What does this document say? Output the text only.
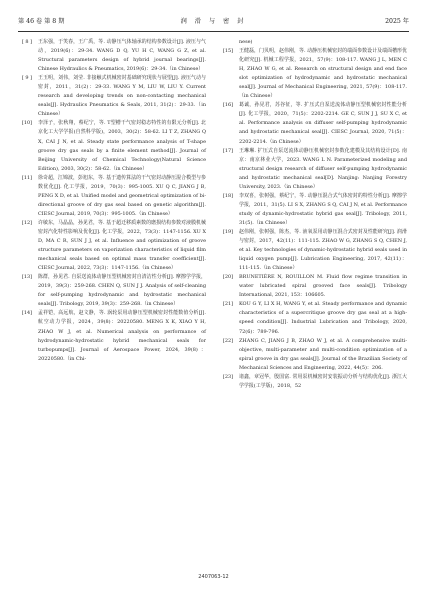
第 46 卷 第 8 期	润 滑 与 密 封	2025 年
[ 8 ]	王东强，于笑春，王广禹，等. 动静压气体轴承的结构参数设计[J]. 液压与气动，2019(6)：29-34. WANG D Q, YU H C, WANG G Z, et al. Structural parameters design of hybrid journal bearings[J]. Chinese Hydraulics & Pneumatics, 2019(6)：29-34.（in Chinese）
[ 9 ]	王玉明，刘伟，刘莹. 非接触式机械密封基础研究现状与展望[J]. 液压气动与密封，2011，31(2)：29-33. WANG Y M, LIU W, LIU Y. Current research and developing trends on non-contacting mechanical seals[J]. Hydraulics Pneumatics & Seals, 2011, 31(2)：29-33.（in Chinese）
[10]	李泽子，张秋翔，蔡纪宁，等. T型槽干气密封稳态特性的有限元分析[J]. 北京化工大学学报(自然科学版)，2003，30(2)：58-62. LI T Z, ZHANG Q X, CAI J N, et al. Steady state performance analysis of T-shape groove dry gas seals by a finite element method[J]. Journal of Beijing University of Chemical Technology(Natural Science Edition), 2003, 30(2)：58-62.（in Chinese）
[11]	徐奇超，江锦波，彭旭东，等. 基于遗传算法的干气密封动静压混合模型与参数优化[J]. 化工学报，2019，70(3)：995-1005. XU Q C, JIANG J B, PENG X D, et al. Unified model and geometrical optimization of bi-directional groove of dry gas seal based on genetic algorithm[J]. CIESC Journal, 2019, 70(3)：995-1005.（in Chinese）
[12]	许敏东，马晶晶，孙见君，等. 基于超迁移质素数的磨损结构参数对液膜机械密封汽化特性影响及优化[J]. 化工学报，2022，73(3)：1147-1156. XU X D, MA C R, SUN J J, et al. Influence and optimization of groove structure parameters on vaporization characteristics of liquid film mechanical seals based on optimal mass transfer coefficient[J]. CIESC Journal, 2022, 73(3)：1147-1156.（in Chinese）
[13]	陈群，孙见君. 自泵送流体动静压型机械密封自清洁性分析[J]. 摩擦学学报，2019，39(3)：259-268. CHEN Q, SUN J J. Analysis of self-cleaning for self-pumping hydrodynamic and hydrostatic mechanical seals[J]. Tribology, 2019, 39(3)：259-268.（in Chinese）
[14]	孟祥铠，高远航，赵文静，等. 涡轮泵用动静压型机械密封性能数值分析[J]. 航空动力学报，2024，39(8)：20220580. MENG X K, XIAO Y H, ZHAO W J, et al. Numerical analysis on performance of hydrodynamic-hydrostatic hybrid mechanical seals for turbopumps[J]. Journal of Aerospace Power, 2024, 39(8)：20220580.（in Chi-
nese)
[15]	王健磊，门贝明，赵伟刚，等. 动静压机械密封的端面参数设计及端面槽形优化研究[J]. 机械工程学报，2021，57(9)：108-117. WANG J L, MEN C H, ZHAO W G, et al. Research on structural design and end face slot optimization of hydrodynamic and hydrostatic mechanical seal[J]. Journal of Mechanical Engineering, 2021, 57(9)：108-117.（in Chinese）
[16]	葛诚，孙见君，苏谷征，等. 扩压式自泵送流体动静压型机械密封性能分析[J]. 化工学报，2020，71(5)：2202-2214. GE C, SUN J J, SU X C, et al. Performance analysis on diffuser self-pumping hydrodynamic and hydrostatic mechanical seal[J]. CIESC Journal, 2020, 71(5)：2202-2214.（in Chinese）
[17]	王琳琳. 扩压式自泵送流体动静压机械密封参数化建模及其结构设计[D]. 南京：南京林业大学，2023. WANG L N. Parameterized modeling and structural design research of diffuser self-pumping hydrodynamic and hydrostatic mechanical seal[D]. Nanjing: Nanjing Forestry University, 2023.（in Chinese）
[18]	李双喜，张树强，蔡纪宁，等. 动静压混合式气体密封的特性分析[J]. 摩擦学学报，2011，31(5). LI S X, ZHANG S Q, CAI J N, et al. Performance study of dynamic-hydrostatic hybrid gas seal[J]. Tribology, 2011, 31(5).（in Chinese）
[19]	赵伟刚，张树强，陈杰，等. 液氧泵用动静压混合式密封及性能研究[J]. 润滑与密封，2017，42(11)：111-115. ZHAO W G, ZHANG S Q, CHEN J, et al. Key technologies of dynamic-hydrostatic hybrid seals used in liquid oxygen pump[J]. Lubrication Engineering, 2017, 42(11)：111-115.（in Chinese）
[20]	BRUNETIÈRE N, ROUILLON M. Fluid flow regime transition in water lubricated spiral grooved face seals[J]. Tribology International, 2021, 153：106605.
[21]	KOU G Y, LI X H, WANG Y, et al. Steady performance and dynamic characteristics of a supercritique groove dry gas seal at a high-speed condition[J]. Industrial Lubrication and Tribology, 2020, 72(6)：789-796.
[22]	ZHANG C, JIANG J B, ZHAO W J, et al. A comprehensive multi-objective, multi-parameter and multi-condition optimization of a spiral groove in dry gas seals[J]. Journal of the Brazilian Society of Mechanical Sciences and Engineering, 2022, 44(5)：206.
[23]	诸鑫，章冠华，殷国富. 常用泵机械密封安装振动分析与结构优化[J]. 浙江大学学报(工学版)，2018，52
2407063-12
